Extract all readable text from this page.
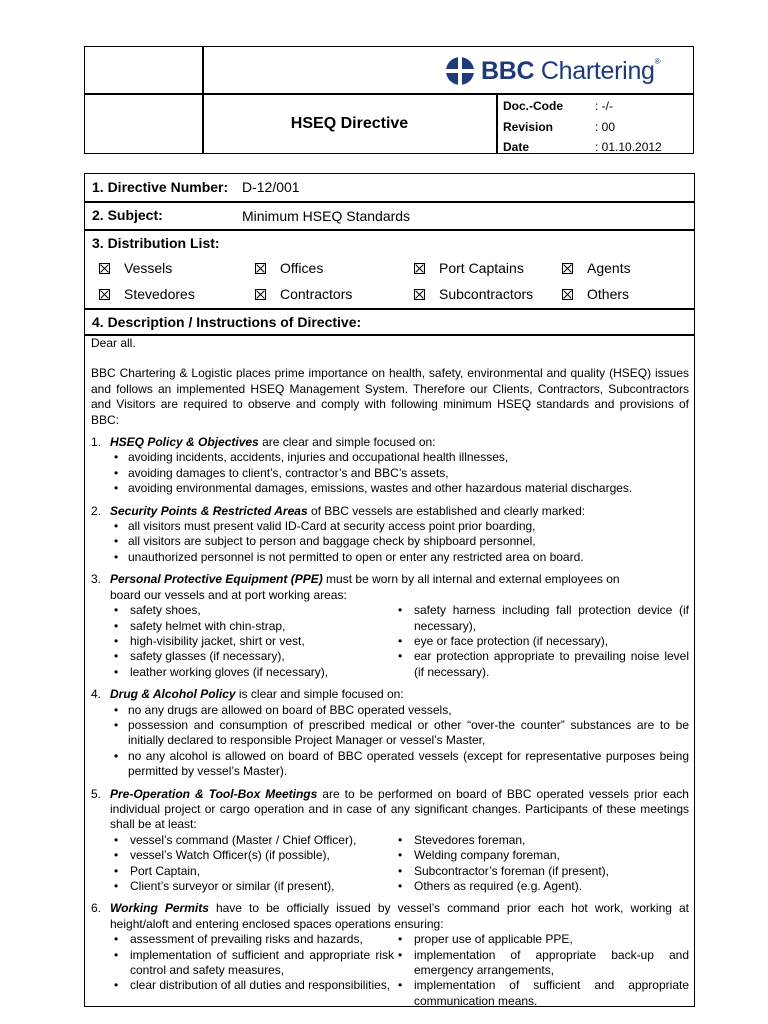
BBC Chartering®
HSEQ Directive
Doc.-Code	: -/-
Revision	: 00
Date	: 01.10.2012
1. Directive Number: D-12/001
2. Subject:	Minimum HSEQ Standards
3. Distribution List:
Vessels	Offices	Port Captains	Agents
Stevedores	Contractors	Subcontractors	Others
4. Description / Instructions of Directive:

Dear all.

BBC Chartering & Logistic places prime importance on health, safety, environmental and quality (HSEQ) issues and follows an implemented HSEQ Management System. Therefore our Clients, Contractors, Subcontractors and Visitors are required to observe and comply with following minimum HSEQ standards and provisions of BBC:

1. HSEQ Policy & Objectives are clear and simple focused on:
• avoiding incidents, accidents, injuries and occupational health illnesses,
• avoiding damages to client’s, contractor’s and BBC’s assets,
• avoiding environmental damages, emissions, wastes and other hazardous material discharges.
2. Security Points & Restricted Areas of BBC vessels are established and clearly marked:
• all visitors must present valid ID-Card at security access point prior boarding,
• all visitors are subject to person and baggage check by shipboard personnel,
• unauthorized personnel is not permitted to open or enter any restricted area on board.
3. Personal Protective Equipment (PPE) must be worn by all internal and external employees on
board our vessels and at port working areas:
• safety shoes,
• safety helmet with chin-strap,
• high-visibility jacket, shirt or vest,
• safety glasses (if necessary),
• leather working gloves (if necessary),
• safety harness including fall protection device (if necessary),
• eye or face protection (if necessary),
• ear protection appropriate to prevailing noise level (if necessary).
4. Drug & Alcohol Policy is clear and simple focused on:
• no any drugs are allowed on board of BBC operated vessels,
• possession and consumption of prescribed medical or other “over-the counter” substances are to be initially declared to responsible Project Manager or vessel’s Master,
• no any alcohol is allowed on board of BBC operated vessels (except for representative purposes being permitted by vessel’s Master).
5. Pre-Operation & Tool-Box Meetings are to be performed on board of BBC operated vessels prior each individual project or cargo operation and in case of any significant changes. Participants of these meetings shall be at least:
• vessel’s command (Master / Chief Officer),
• vessel’s Watch Officer(s) (if possible),
• Port Captain,
• Client’s surveyor or similar (if present),
• Stevedores foreman,
• Welding company foreman,
• Subcontractor’s foreman (if present),
• Others as required (e.g. Agent).
6. Working Permits have to be officially issued by vessel’s command prior each hot work, working at height/aloft and entering enclosed spaces operations ensuring:
• assessment of prevailing risks and hazards,
• implementation of sufficient and appropriate risk control and safety measures,
• clear distribution of all duties and responsibilities,
• proper use of applicable PPE,
• implementation of appropriate back-up and emergency arrangements,
• implementation of sufficient and appropriate communication means.
